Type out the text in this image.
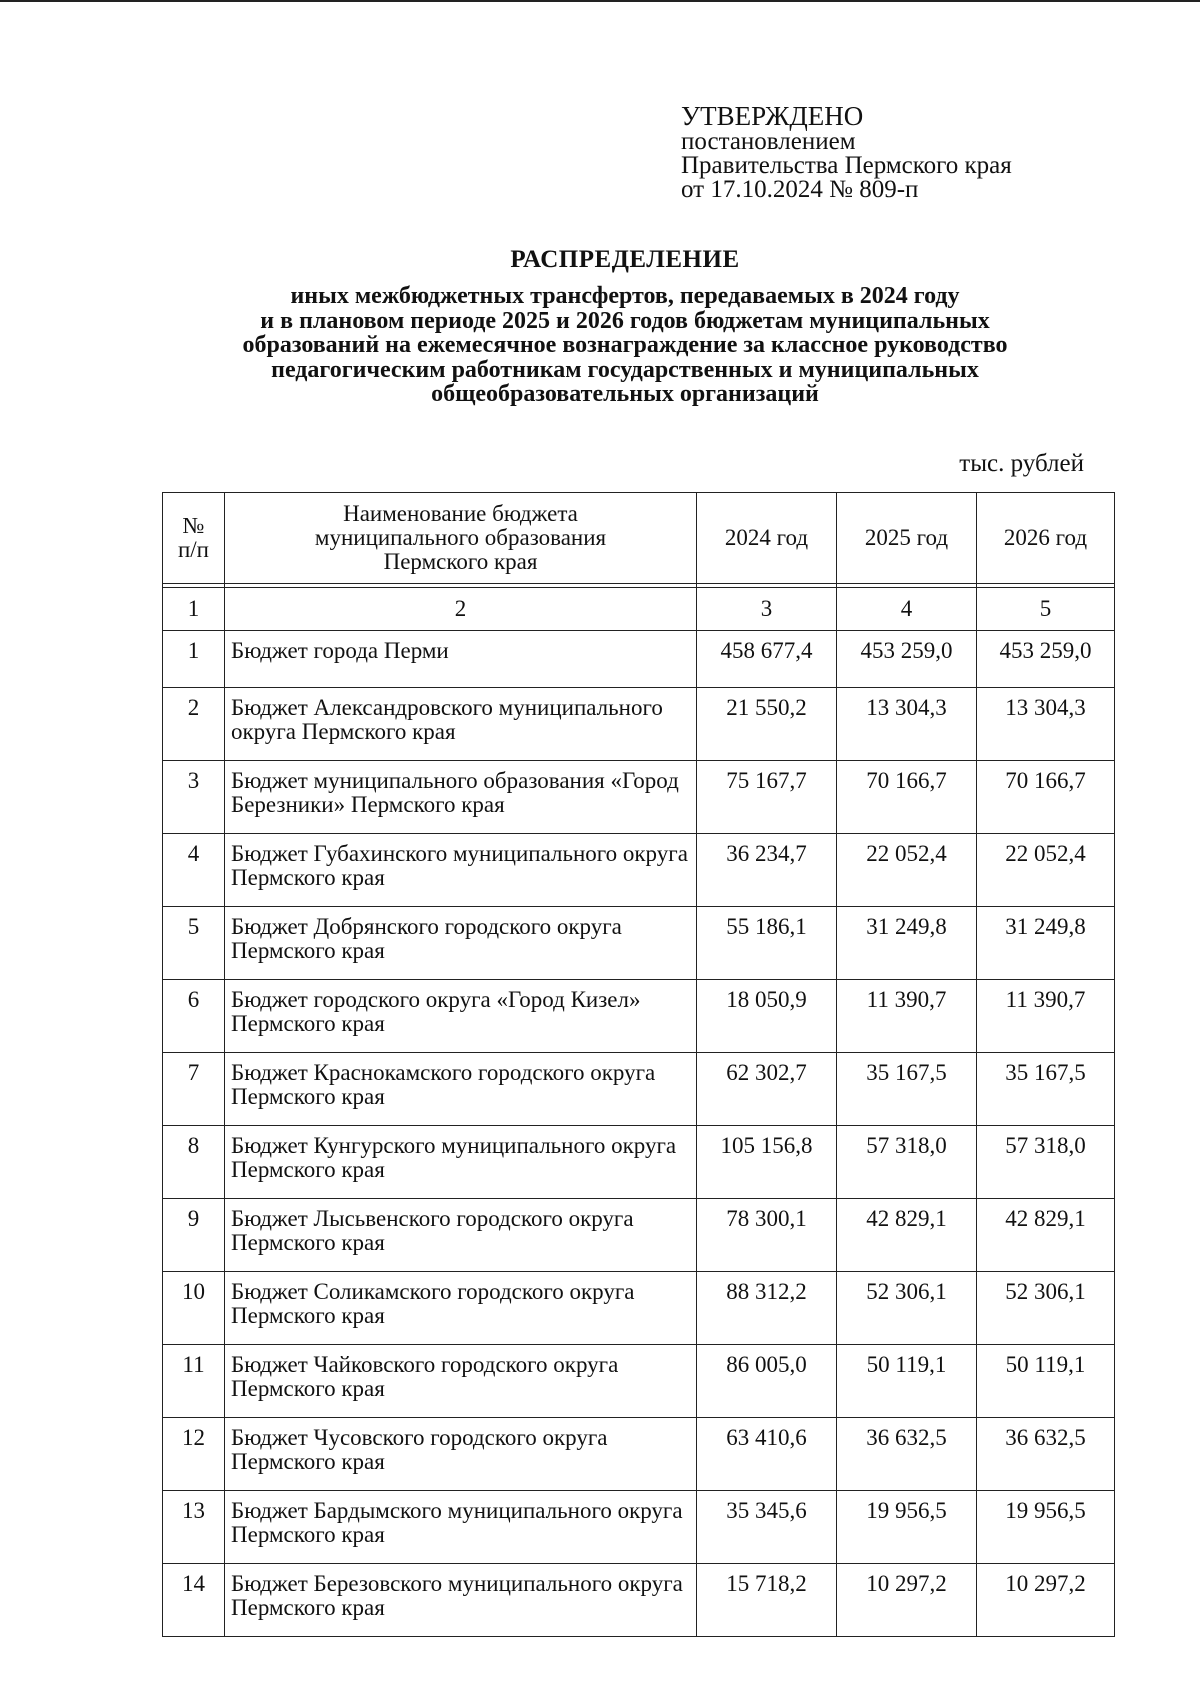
УТВЕРЖДЕНО
постановлением
Правительства Пермского края
от 17.10.2024 № 809-п
РАСПРЕДЕЛЕНИЕ
иных межбюджетных трансфертов, передаваемых в 2024 году
и в плановом периоде 2025 и 2026 годов бюджетам муниципальных
образований на ежемесячное вознаграждение за классное руководство
педагогическим работникам государственных и муниципальных
общеобразовательных организаций
тыс. рублей
№ п/п	Наименование бюджета муниципального образования Пермского края	2024 год	2025 год	2026 год

1	2	3	4	5
1	Бюджет города Перми	458 677,4	453 259,0	453 259,0
2	Бюджет Александровского муниципального округа Пермского края	21 550,2	13 304,3	13 304,3
3	Бюджет муниципального образования «Город Березники» Пермского края	75 167,7	70 166,7	70 166,7
4	Бюджет Губахинского муниципального округа Пермского края	36 234,7	22 052,4	22 052,4
5	Бюджет Добрянского городского округа Пермского края	55 186,1	31 249,8	31 249,8
6	Бюджет городского округа «Город Кизел» Пермского края	18 050,9	11 390,7	11 390,7
7	Бюджет Краснокамского городского округа Пермского края	62 302,7	35 167,5	35 167,5
8	Бюджет Кунгурского муниципального округа Пермского края	105 156,8	57 318,0	57 318,0
9	Бюджет Лысьвенского городского округа Пермского края	78 300,1	42 829,1	42 829,1
10	Бюджет Соликамского городского округа Пермского края	88 312,2	52 306,1	52 306,1
11	Бюджет Чайковского городского округа Пермского края	86 005,0	50 119,1	50 119,1
12	Бюджет Чусовского городского округа Пермского края	63 410,6	36 632,5	36 632,5
13	Бюджет Бардымского муниципального округа Пермского края	35 345,6	19 956,5	19 956,5
14	Бюджет Березовского муниципального округа Пермского края	15 718,2	10 297,2	10 297,2
